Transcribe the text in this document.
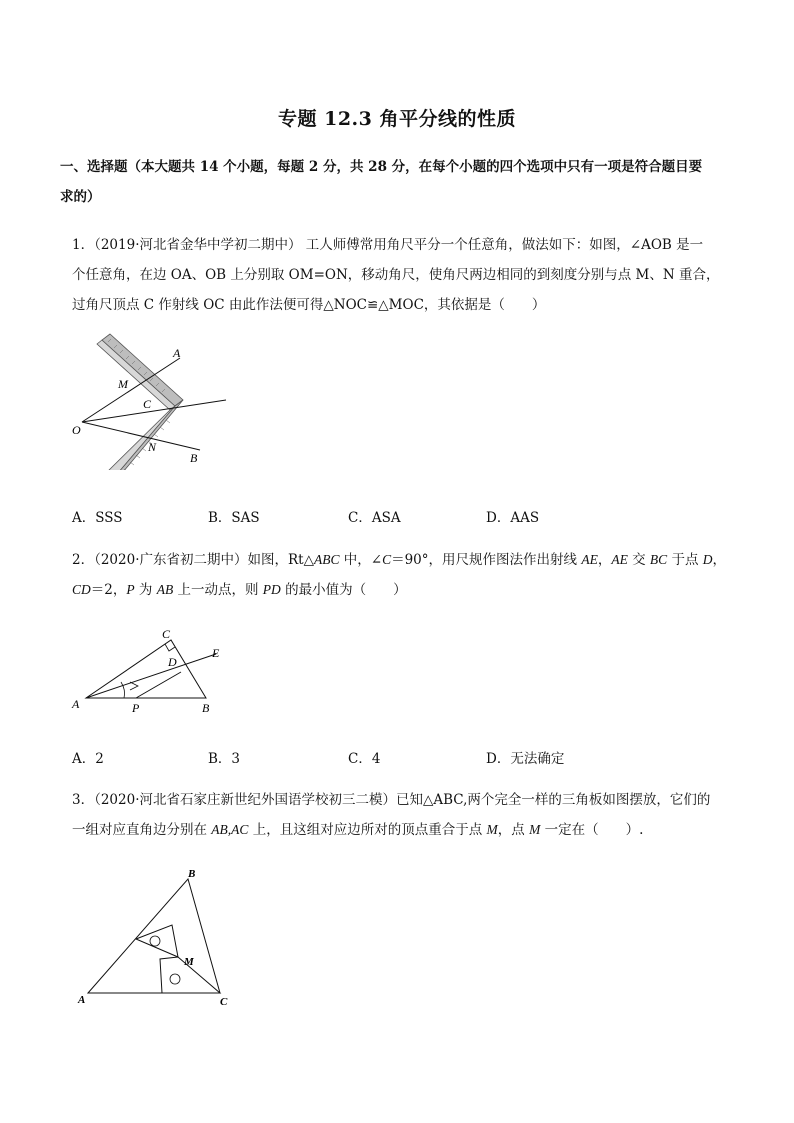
专题 12.3 角平分线的性质
一、选择题（本大题共 14 个小题，每题 2 分，共 28 分，在每个小题的四个选项中只有一项是符合题目要
求的）
1．（2019·河北省金华中学初二期中） 工人师傅常用角尺平分一个任意角，做法如下：如图，∠AOB 是一
个任意角，在边 OA、OB 上分别取 OM=ON，移动角尺，使角尺两边相同的到刻度分别与点 M、N 重合，
过角尺顶点 C 作射线 OC 由此作法便可得△NOC≌△MOC，其依据是（　　）
A
M
C
O
N
B
A．SSS	B．SAS	C．ASA	D．AAS
2．（2020·广东省初二期中）如图，Rt△ABC 中，∠C＝90°，用尺规作图法作出射线 AE，AE 交 BC 于点 D，
CD＝2，P 为 AB 上一动点，则 PD 的最小值为（　　）
C
D
E
A	P	B
A．2	B．3	C．4	D．无法确定
3．（2020·河北省石家庄新世纪外国语学校初三二模）已知△ABC,两个完全一样的三角板如图摆放，它们的
一组对应直角边分别在 AB,AC 上，且这组对应边所对的顶点重合于点 M，点 M 一定在（　　）.
B
M
A	C
